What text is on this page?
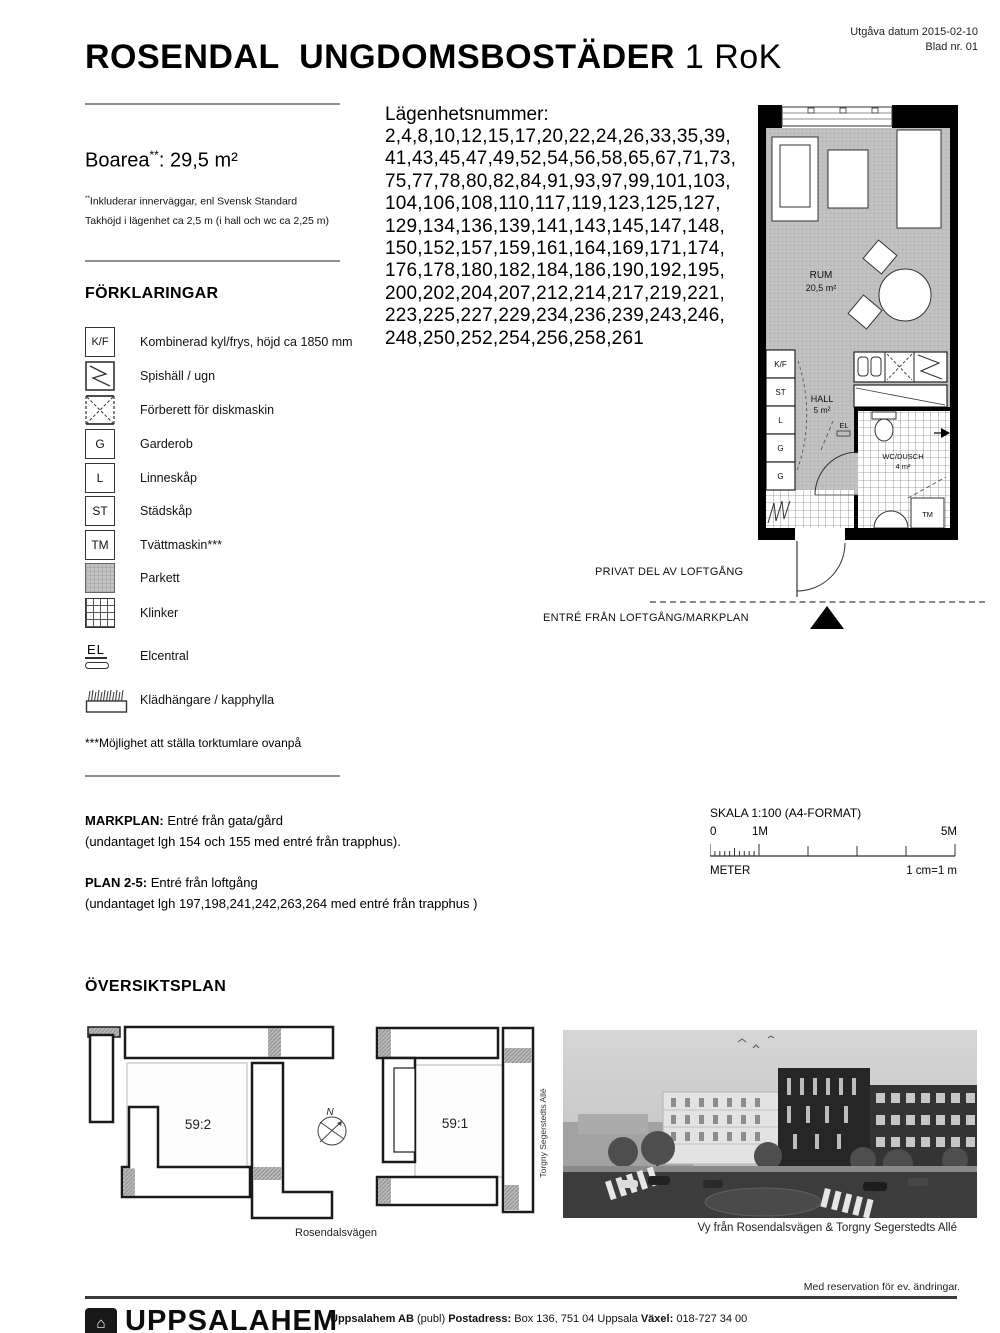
Utgåva datum 2015-02-10
Blad nr. 01
ROSENDAL  UNGDOMSBOSTÄDER 1 RoK
Boarea**: 29,5 m²
**Inkluderar innerväggar, enl Svensk Standard
Takhöjd i lägenhet ca 2,5 m (i hall och wc ca 2,25 m)
FÖRKLARINGAR
K/F	Kombinerad kyl/frys, höjd ca 1850 mm
Spishäll / ugn
Förberett för diskmaskin
G	Garderob
L	Linneskåp
ST	Städskåp
TM	Tvättmaskin***
Parkett
Klinker
EL	Elcentral
Klädhängare / kapphylla
***Möjlighet att ställa torktumlare ovanpå
Lägenhetsnummer:
2,4,8,10,12,15,17,20,22,24,26,33,35,39,
41,43,45,47,49,52,54,56,58,65,67,71,73,
75,77,78,80,82,84,91,93,97,99,101,103,
104,106,108,110,117,119,123,125,127,
129,134,136,139,141,143,145,147,148,
150,152,157,159,161,164,169,171,174,
176,178,180,182,184,186,190,192,195,
200,202,204,207,212,214,217,219,221,
223,225,227,229,234,236,239,243,246,
248,250,252,254,256,258,261
RUM
20,5 m²
K/F
ST
L
G
G
HALL
5 m²
EL
WC/DUSCH
4 m²
TM
PRIVAT DEL AV LOFTGÅNG
ENTRÉ FRÅN LOFTGÅNG/MARKPLAN
MARKPLAN: Entré från gata/gård
(undantaget lgh 154 och 155 med entré från trapphus).
PLAN 2-5: Entré från loftgång
(undantaget lgh 197,198,241,242,263,264 med entré från trapphus )
SKALA 1:100 (A4-FORMAT)
0	1M	5M
METER	1 cm=1 m
ÖVERSIKTSPLAN
59:2
N
59:1	Torgny Segerstedts Allé
Rosendalsvägen	Vy från Rosendalsvägen & Torgny Segerstedts Allé
Med reservation för ev. ändringar.
⌂ UPPSALAHEM
Uppsalahem AB (publ) Postadress: Box 136, 751 04 Uppsala Växel: 018-727 34 00
